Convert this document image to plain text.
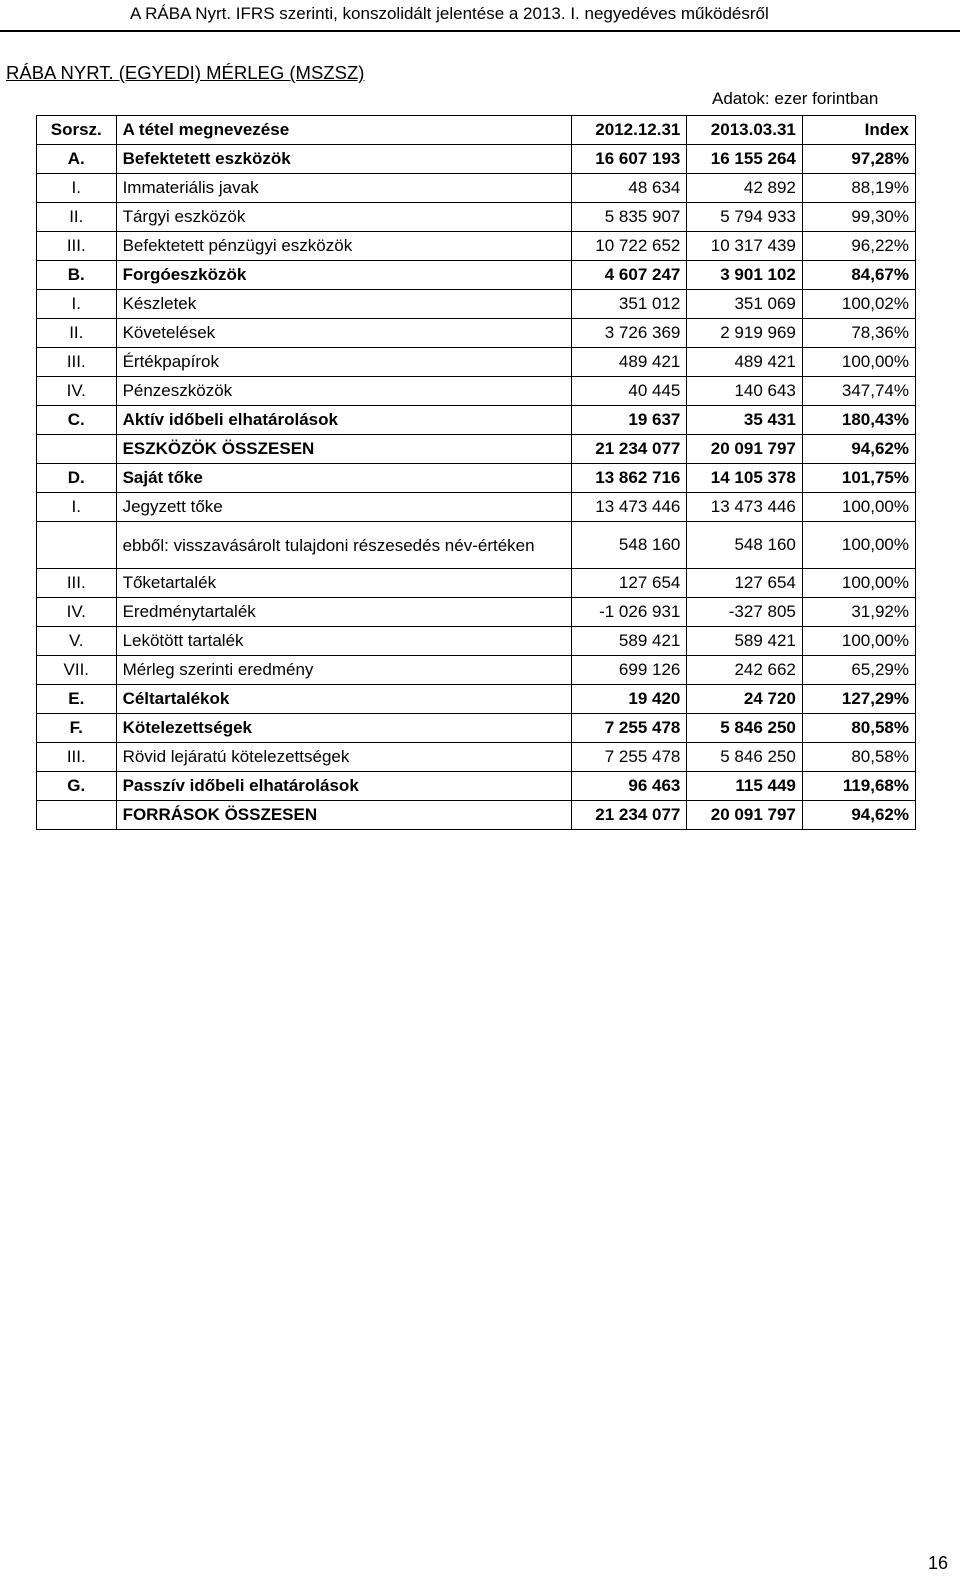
A RÁBA Nyrt. IFRS szerinti, konszolidált jelentése a 2013. I. negyedéves működésről
RÁBA NYRT. (EGYEDI) MÉRLEG (MSZSZ)
Adatok: ezer forintban
Sorsz.	A tétel megnevezése	2012.12.31	2013.03.31	Index
A.	Befektetett eszközök	16 607 193	16 155 264	97,28%
I.	Immateriális javak	48 634	42 892	88,19%
II.	Tárgyi eszközök	5 835 907	5 794 933	99,30%
III.	Befektetett pénzügyi eszközök	10 722 652	10 317 439	96,22%
B.	Forgóeszközök	4 607 247	3 901 102	84,67%
I.	Készletek	351 012	351 069	100,02%
II.	Követelések	3 726 369	2 919 969	78,36%
III.	Értékpapírok	489 421	489 421	100,00%
IV.	Pénzeszközök	40 445	140 643	347,74%
C.	Aktív időbeli elhatárolások	19 637	35 431	180,43%
	ESZKÖZÖK ÖSSZESEN	21 234 077	20 091 797	94,62%
D.	Saját tőke	13 862 716	14 105 378	101,75%
I.	Jegyzett tőke	13 473 446	13 473 446	100,00%
	ebből: visszavásárolt tulajdoni részesedés név-értéken	548 160	548 160	100,00%
III.	Tőketartalék	127 654	127 654	100,00%
IV.	Eredménytartalék	-1 026 931	-327 805	31,92%
V.	Lekötött tartalék	589 421	589 421	100,00%
VII.	Mérleg szerinti eredmény	699 126	242 662	65,29%
E.	Céltartalékok	19 420	24 720	127,29%
F.	Kötelezettségek	7 255 478	5 846 250	80,58%
III.	Rövid lejáratú kötelezettségek	7 255 478	5 846 250	80,58%
G.	Passzív időbeli elhatárolások	96 463	115 449	119,68%
	FORRÁSOK ÖSSZESEN	21 234 077	20 091 797	94,62%
16
